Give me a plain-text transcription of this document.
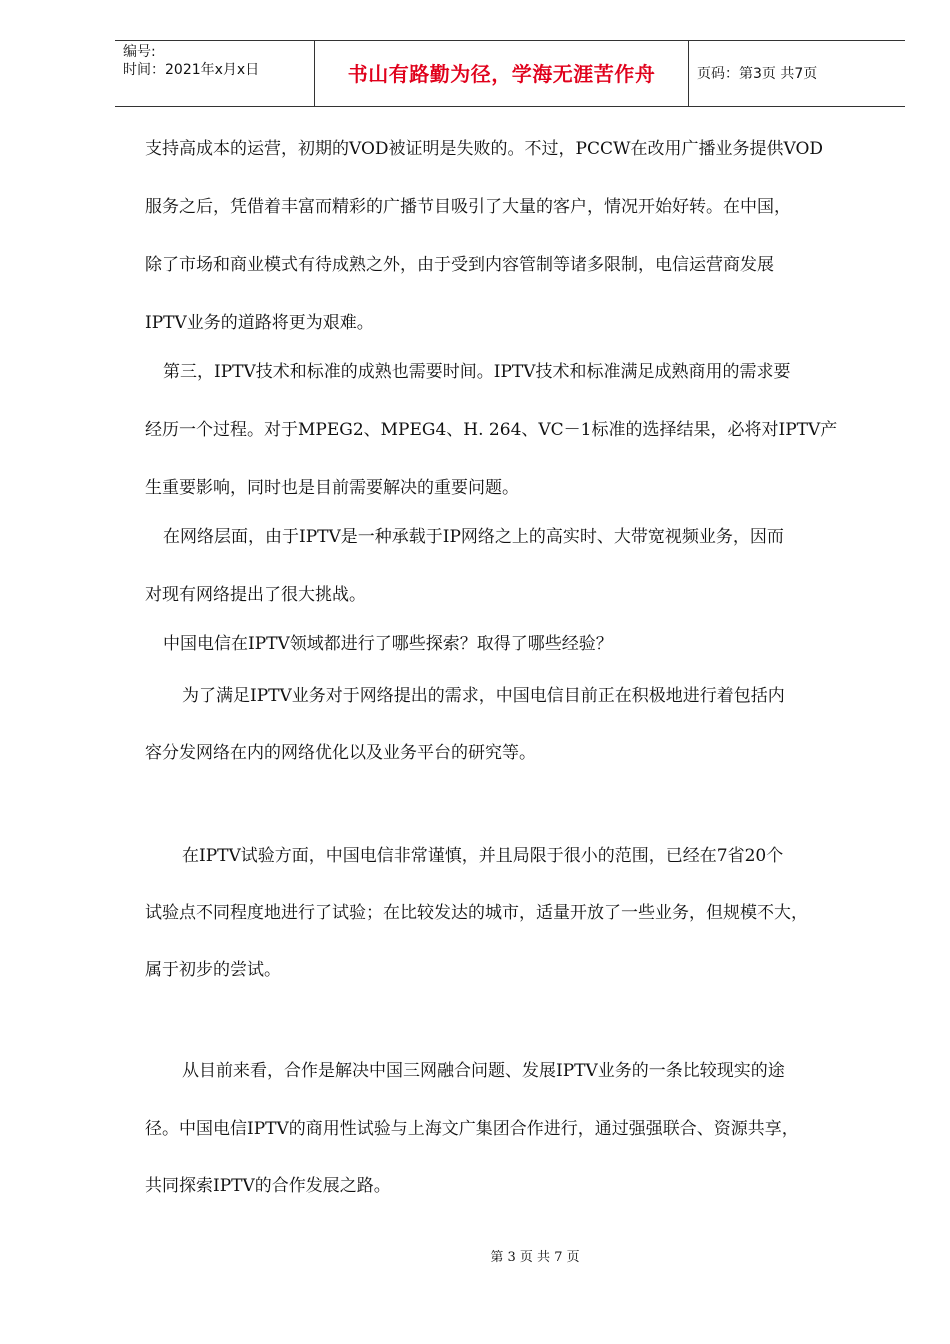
编号:
时间：2021年x月x日	书山有路勤为径，学海无涯苦作舟	页码：第3页 共7页
支持高成本的运营，初期的VOD被证明是失败的。不过，PCCW在改用广播业务提供VOD
服务之后，凭借着丰富而精彩的广播节目吸引了大量的客户，情况开始好转。在中国，
除了市场和商业模式有待成熟之外，由于受到内容管制等诸多限制，电信运营商发展
IPTV业务的道路将更为艰难。
第三，IPTV技术和标准的成熟也需要时间。IPTV技术和标准满足成熟商用的需求要
经历一个过程。对于MPEG2、MPEG4、H. 264、VC－1标准的选择结果，必将对IPTV产
生重要影响，同时也是目前需要解决的重要问题。
在网络层面，由于IPTV是一种承载于IP网络之上的高实时、大带宽视频业务，因而
对现有网络提出了很大挑战。
中国电信在IPTV领域都进行了哪些探索？取得了哪些经验？
为了满足IPTV业务对于网络提出的需求，中国电信目前正在积极地进行着包括内
容分发网络在内的网络优化以及业务平台的研究等。
在IPTV试验方面，中国电信非常谨慎，并且局限于很小的范围，已经在7省20个
试验点不同程度地进行了试验；在比较发达的城市，适量开放了一些业务，但规模不大，
属于初步的尝试。
从目前来看，合作是解决中国三网融合问题、发展IPTV业务的一条比较现实的途
径。中国电信IPTV的商用性试验与上海文广集团合作进行，通过强强联合、资源共享，
共同探索IPTV的合作发展之路。
第 3 页 共 7 页
